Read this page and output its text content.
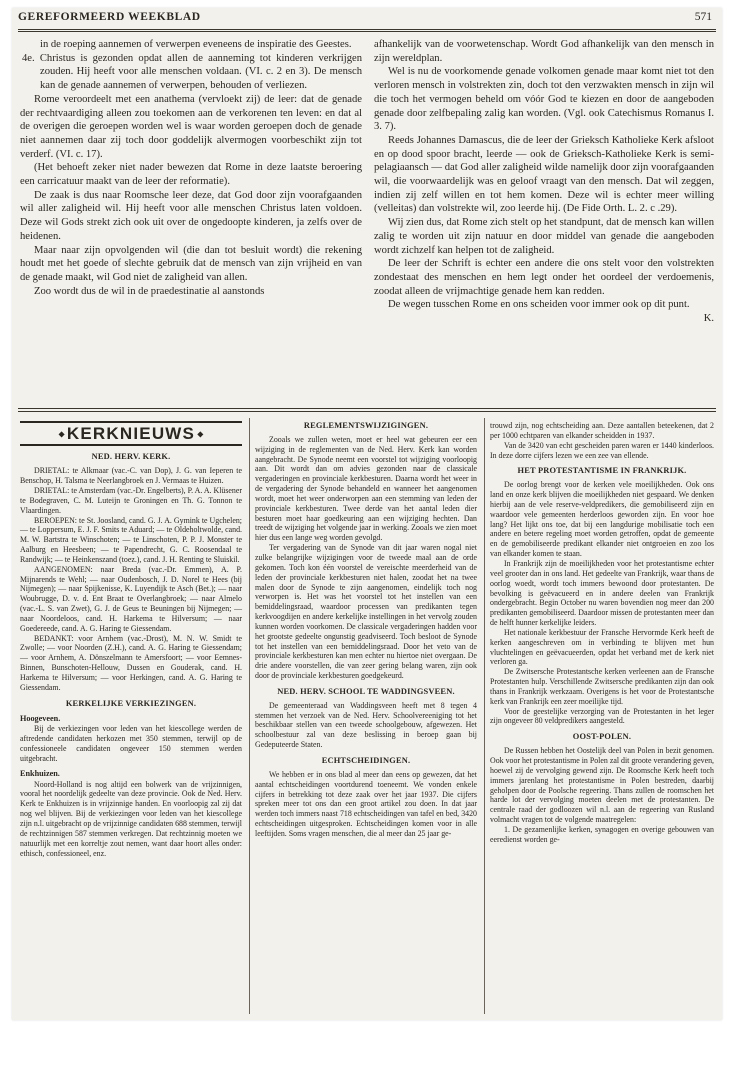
GEREFORMEERD WEEKBLAD	571

in de roeping aannemen of verwerpen eveneens de inspiratie des Geestes.

4e. Christus is gezonden opdat allen de aanneming tot kinderen verkrijgen zouden. Hij heeft voor alle menschen voldaan. (VI. c. 2 en 3). De mensch kan de genade aannemen of verwerpen, behouden of verliezen.

Rome veroordeelt met een anathema (vervloekt zij) de leer: dat de genade der rechtvaardiging alleen zou toekomen aan de verkorenen ten leven: en dat al de overigen die geroepen worden wel is waar worden geroepen doch de genade niet aannemen daar zij toch door goddelijk alvermogen voorbeschikt zijn tot verderf. (VI. c. 17).

(Het behoeft zeker niet nader bewezen dat Rome in deze laatste beroering een carricatuur maakt van de leer der reformatie).

De zaak is dus naar Roomsche leer deze, dat God door zijn voorafgaanden wil aller zaligheid wil. Hij heeft voor alle menschen Christus laten voldoen. Deze wil Gods strekt zich ook uit over de ongedoopte kinderen, ja zelfs over de heidenen.

Maar naar zijn opvolgenden wil (die dan tot besluit wordt) die rekening houdt met het goede of slechte gebruik dat de mensch van zijn vrijheid en van de genade maakt, wil God niet de zaligheid van allen.

Zoo wordt dus de wil in de praedestinatie al aanstonds

afhankelijk van de voorwetenschap. Wordt God afhankelijk van den mensch in zijn wereldplan.

Wel is nu de voorkomende genade volkomen genade maar komt niet tot den verloren mensch in volstrekten zin, doch tot den verzwakten mensch in zijn wil die toch het vermogen beheld om vóór God te kiezen en door de aangeboden genade door zelfbepaling zalig kan worden. (Vgl. ook Catechismus Romanus I. 3. 7).

Reeds Johannes Damascus, die de leer der Grieksch Katholieke Kerk afsloot en op dood spoor bracht, leerde — ook de Grieksch-Katholieke Kerk is semi-pelagiaansch — dat God aller zaligheid wilde namelijk door zijn voorafgaanden wil, die voorwaardelijk was en geloof vraagt van den mensch. Dat wil zeggen, indien zij zelf willen en tot hem komen. Deze wil is echter meer willing (velleitas) dan volstrekte wil, zoo leerde hij. (De Fide Orth. L. 2. c .29).

Wij zien dus, dat Rome zich stelt op het standpunt, dat de mensch kan willen zalig te worden uit zijn natuur en door middel van genade die aangeboden wordt zichzelf kan helpen tot de zaligheid.

De leer der Schrift is echter een andere die ons stelt voor den volstrekten zondestaat des menschen en hem legt onder het oordeel der verdoemenis, zoodat alleen de vrijmachtige genade hem kan redden.

De wegen tusschen Rome en ons scheiden voor immer ook op dit punt.

K.

◆ KERKNIEUWS ◆
NED. HERV. KERK.

DRIETAL: te Alkmaar (vac.-C. van Dop), J. G. van Ieperen te Benschop, H. Talsma te Neerlangbroek en J. Vermaas te Huizen.

DRIETAL: te Amsterdam (vac.-Dr. Engelberts), P. A. A. Klüsener te Bodegraven, C. M. Luteijn te Groningen en Th. G. Tonnon te Vlaardingen.

BEROEPEN: te St. Joosland, cand. G. J. A. Gymink te Ugchelen; — te Loppersum, E. J. F. Smits te Aduard; — te Oldeholtwolde, cand. M. W. Bartstra te Winschoten; — te Linschoten, P. P. J. Monster te Aalburg en Heesbeen; — te Papendrecht, G. C. Roosendaal te Randwijk; — te Heinkenszand (toez.), cand. J. H. Renting te Sluiskil.

AANGENOMEN: naar Breda (vac.-Dr. Emmen), A. P. Mijnarends te Wehl; — naar Oudenbosch, J. D. Norel te Hees (bij Nijmegen); — naar Spijkenisse, K. Luyendijk te Asch (Bet.); — naar Woubrugge, D. v. d. Ent Braat te Overlangbroek; — naar Almelo (vac.-L. S. van Zwet), G. J. de Geus te Beuningen bij Nijmegen; — naar Noordeloos, cand. H. Harkema te Hilversum; — naar Goedereede, cand. A. G. Haring te Giessendam.

BEDANKT: voor Arnhem (vac.-Drost), M. N. W. Smidt te Zwolle; — voor Noorden (Z.H.), cand. A. G. Haring te Giessendam; — voor Arnhem, A. Dönszelmann te Amersfoort; — voor Eemnes-Binnen, Bunschoten-Hellouw, Dussen en Gouderak, cand. H. Harkema te Hilversum; — voor Herkingen, cand. A. G. Haring te Giessendam.

KERKELIJKE VERKIEZINGEN.
Hoogeveen.

Bij de verkiezingen voor leden van het kiescollege werden de aftredende candidaten herkozen met 350 stemmen, terwijl op de confessioneele candidaten ongeveer 150 stemmen werden uitgebracht.

Enkhuizen.

Noord-Holland is nog altijd een bolwerk van de vrijzinnigen, vooral het noordelijk gedeelte van deze provincie. Ook de Ned. Herv. Kerk te Enkhuizen is in vrijzinnige handen. En voorloopig zal zij dat nog wel blijven. Bij de verkiezingen voor leden van het kiescollege zijn n.l. uitgebracht op de vrijzinnige candidaten 688 stemmen, terwijl de rechtzinnigen 587 stemmen verkregen. Dat rechtzinnig moeten we natuurlijk met een korreltje zout nemen, want daar hoort alles onder: ethisch, confessioneel, enz.

REGLEMENTSWIJZIGINGEN.

Zooals we zullen weten, moet er heel wat gebeuren eer een wijziging in de reglementen van de Ned. Herv. Kerk kan worden aangebracht. De Synode neemt een voorstel tot wijziging voorloopig aan. Dit wordt dan om advies gezonden naar de classicale vergaderingen en provinciale kerkbesturen. Daarna wordt het weer in de vergadering der Synode behandeld en wanneer het aangenomen wordt, moet het weer onderworpen aan een stemming van leden der provinciale kerkbesturen. Twee derde van het aantal leden dier besturen moet haar goedkeuring aan een wijziging hechten. Dan treedt de wijziging het volgende jaar in werking. Zooals we zien moet hier dus een lange weg worden gevolgd.

Ter vergadering van de Synode van dit jaar waren nogal niet zulke belangrijke wijzigingen voor de tweede maal aan de orde gekomen. Toch kon één voorstel de vereischte meerderheid van de leden der provinciale kerkbesturen niet halen, zoodat het na twee malen door de Synode te zijn aangenomen, eindelijk toch nog verworpen is. Het was het voorstel tot het instellen van een bemiddelingsraad, waardoor processen van predikanten tegen kerkvoogdijen en andere kerkelijke instellingen in het vervolg zouden kunnen worden voorkomen. De classicale vergaderingen hadden voor het grootste gedeelte ongunstig geadviseerd. Toch besloot de Synode tot het instellen van een bemiddelingsraad. Door het veto van de provinciale kerkbesturen kan men echter nu hiertoe niet overgaan. De drie andere voorstellen, die van zeer gering belang waren, zijn ook door de provinciale kerkbesturen goedgekeurd.

NED. HERV. SCHOOL TE WADDINGSVEEN.

De gemeenteraad van Waddingsveen heeft met 8 tegen 4 stemmen het verzoek van de Ned. Herv. Schoolvereeniging tot het beschikbaar stellen van een tweede schoolgebouw, afgewezen. Het schoolbestuur zal van deze beslissing in beroep gaan bij Gedeputeerde Staten.

ECHTSCHEIDINGEN.

We hebben er in ons blad al meer dan eens op gewezen, dat het aantal echtscheidingen voortdurend toeneemt. We vonden enkele cijfers in betrekking tot deze zaak over het jaar 1937. Die cijfers spreken meer tot ons dan een groot artikel zou doen. In dat jaar werden toch immers naast 718 echtscheidingen van tafel en bed, 3420 echtscheidingen uitgesproken. Echtscheidingen komen voor in alle leeftijden. Soms vragen menschen, die al meer dan 25 jaar ge-

trouwd zijn, nog echtscheiding aan. Deze aantallen beteekenen, dat 2 per 1000 echtparen van elkander scheidden in 1937.

Van de 3420 van echt gescheiden paren waren er 1440 kinderloos. In deze dorre cijfers lezen we een zee van ellende.

HET PROTESTANTISME IN FRANKRIJK.

De oorlog brengt voor de kerken vele moeilijkheden. Ook ons land en onze kerk blijven die moeilijkheden niet gespaard. We denken hierbij aan de vele reserve-veldpredikers, die gemobiliseerd zijn en waardoor vele gemeenten herderloos geworden zijn. En voor hoe lang? Het lijkt ons toe, dat bij een langdurige mobilisatie toch een andere en betere regeling moet worden getroffen, opdat de gemeente en de gemobiliseerde predikant elkander niet ontgroeien en zoo los van elkander komen te staan.

In Frankrijk zijn de moeilijkheden voor het protestantisme echter veel grooter dan in ons land. Het gedeelte van Frankrijk, waar thans de oorlog woedt, wordt toch immers bewoond door protestanten. De bevolking is geëvacueerd en in andere deelen van Frankrijk ondergebracht. Begin October nu waren bovendien nog meer dan 200 predikanten gemobiliseerd. Daardoor missen de protestanten meer dan de helft hunner kerkelijke leiders.

Het nationale kerkbestuur der Fransche Hervormde Kerk heeft de kerken aangeschreven om in verbinding te blijven met hun vluchtelingen en geëvacueerden, opdat het verband met de kerk niet verloren ga.

De Zwitsersche Protestantsche kerken verleenen aan de Fransche Protestanten hulp. Verschillende Zwitsersche predikanten zijn dan ook thans in Frankrijk werkzaam. Overigens is het voor de Protestantsche kerk van Frankrijk een zeer moeilijke tijd.

Voor de geestelijke verzorging van de Protestanten in het leger zijn ongeveer 80 veldpredikers aangesteld.

OOST-POLEN.

De Russen hebben het Oostelijk deel van Polen in bezit genomen. Ook voor het protestantisme in Polen zal dit groote verandering geven, hoewel zij de vervolging gewend zijn. De Roomsche Kerk heeft toch immers jarenlang het protestantisme in Polen bestreden, daarbij geholpen door de Poolsche regeering. Thans zullen de roomschen het harde lot der vervolging moeten deelen met de protestanten. De centrale raad der godloozen wil n.l. aan de regeering van Rusland volmacht vragen tot de volgende maatregelen:

1. De gezamenlijke kerken, synagogen en overige gebouwen van eeredienst worden ge-
